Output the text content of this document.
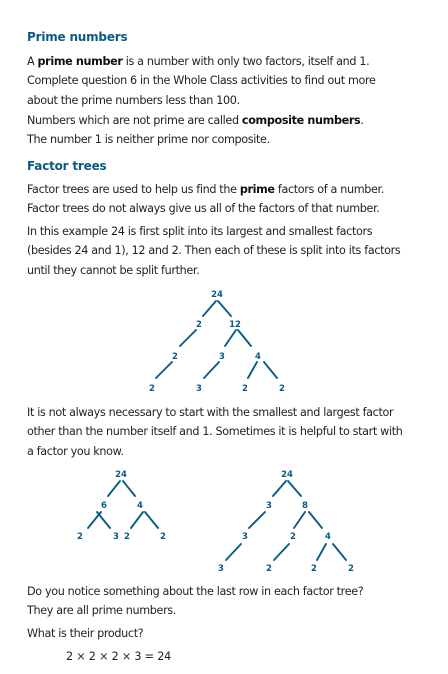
Prime numbers

A prime number is a number with only two factors, itself and 1.
Complete question 6 in the Whole Class activities to find out more
about the prime numbers less than 100.

Numbers which are not prime are called composite numbers.
The number 1 is neither prime nor composite.

Factor trees

Factor trees are used to help us find the prime factors of a number.
Factor trees do not always give us all of the factors of that number.

In this example 24 is first split into its largest and smallest factors
(besides 24 and 1), 12 and 2. Then each of these is split into its factors
until they cannot be split further.

24
2	12
2	3	4
2	3	2	2

It is not always necessary to start with the smallest and largest factor
other than the number itself and 1. Sometimes it is helpful to start with
a factor you know.

24
6	4
2	3 2	2
24
3	8
3	2	4
3	2	2	2

Do you notice something about the last row in each factor tree?
They are all prime numbers.

What is their product?

2 × 2 × 2 × 3 = 24
